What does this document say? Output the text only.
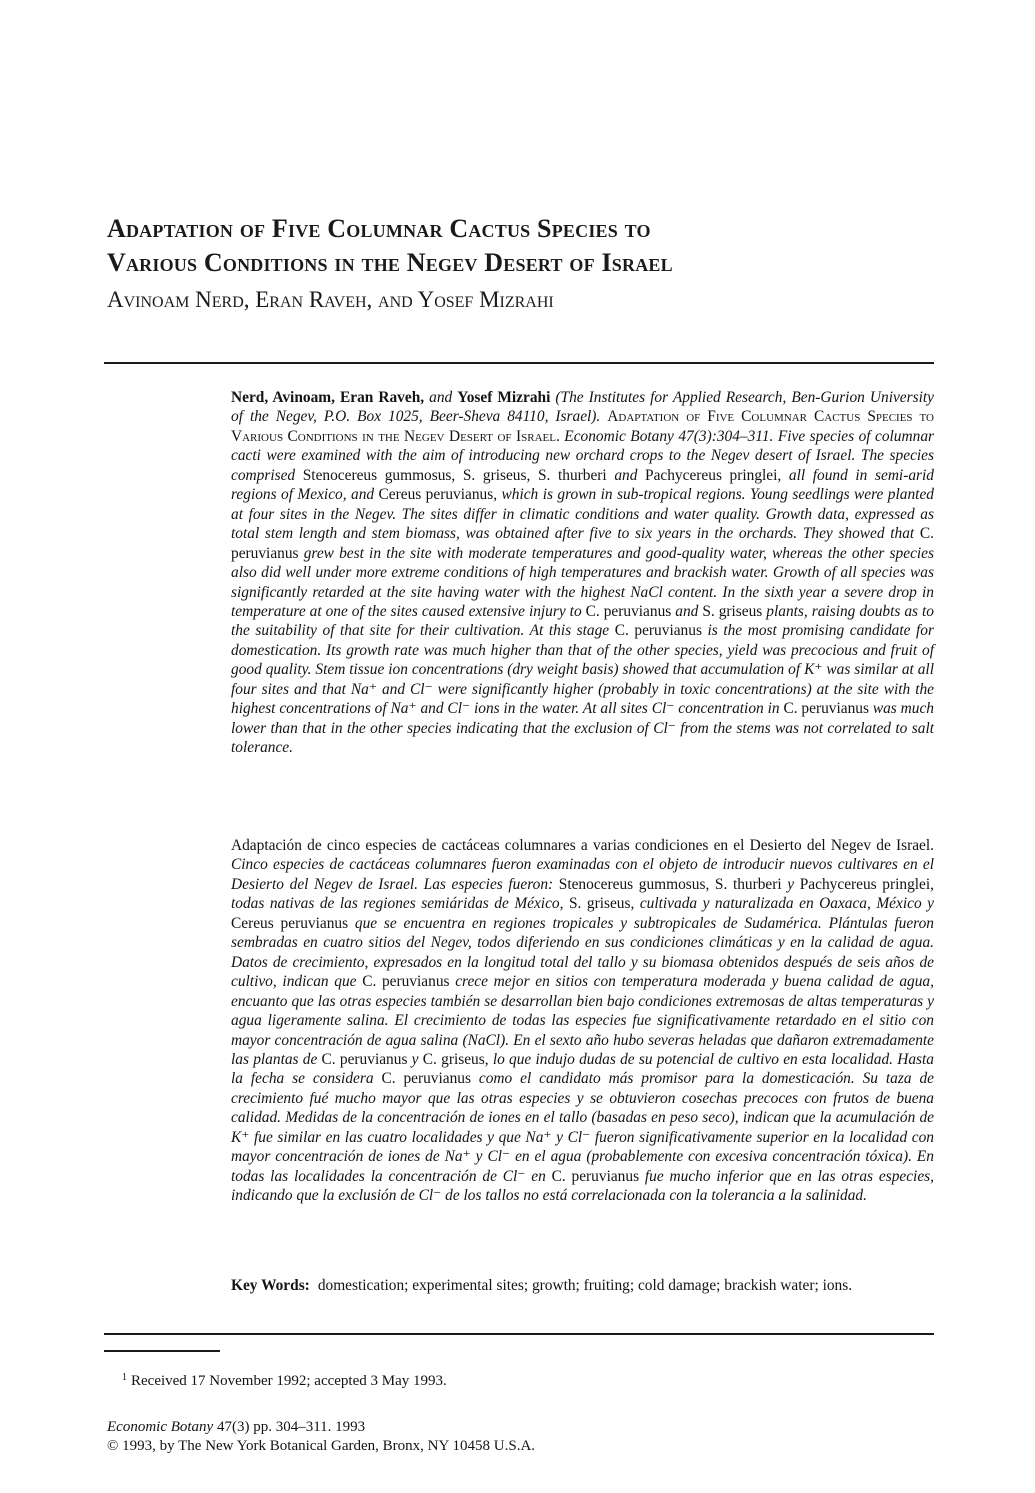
Adaptation of Five Columnar Cactus Species to
Various Conditions in the Negev Desert of Israel
Avinoam Nerd, Eran Raveh, and Yosef Mizrahi

Nerd, Avinoam, Eran Raveh, and Yosef Mizrahi (The Institutes for Applied Research, Ben-Gurion University of the Negev, P.O. Box 1025, Beer-Sheva 84110, Israel). Adaptation of Five Columnar Cactus Species to Various Conditions in the Negev Desert of Israel. Economic Botany 47(3):304–311. Five species of columnar cacti were examined with the aim of introducing new orchard crops to the Negev desert of Israel. The species comprised Stenocereus gummosus, S. griseus, S. thurberi and Pachycereus pringlei, all found in semi-arid regions of Mexico, and Cereus peruvianus, which is grown in sub-tropical regions. Young seedlings were planted at four sites in the Negev. The sites differ in climatic conditions and water quality. Growth data, expressed as total stem length and stem biomass, was obtained after five to six years in the orchards. They showed that C. peruvianus grew best in the site with moderate temperatures and good-quality water, whereas the other species also did well under more extreme conditions of high temperatures and brackish water. Growth of all species was significantly retarded at the site having water with the highest NaCl content. In the sixth year a severe drop in temperature at one of the sites caused extensive injury to C. peruvianus and S. griseus plants, raising doubts as to the suitability of that site for their cultivation. At this stage C. peruvianus is the most promising candidate for domestication. Its growth rate was much higher than that of the other species, yield was precocious and fruit of good quality. Stem tissue ion concentrations (dry weight basis) showed that accumulation of K⁺ was similar at all four sites and that Na⁺ and Cl⁻ were significantly higher (probably in toxic concentrations) at the site with the highest concentrations of Na⁺ and Cl⁻ ions in the water. At all sites Cl⁻ concentration in C. peruvianus was much lower than that in the other species indicating that the exclusion of Cl⁻ from the stems was not correlated to salt tolerance.

Adaptación de cinco especies de cactáceas columnares a varias condiciones en el Desierto del Negev de Israel. Cinco especies de cactáceas columnares fueron examinadas con el objeto de introducir nuevos cultivares en el Desierto del Negev de Israel. Las especies fueron: Stenocereus gummosus, S. thurberi y Pachycereus pringlei, todas nativas de las regiones semiáridas de México, S. griseus, cultivada y naturalizada en Oaxaca, México y Cereus peruvianus que se encuentra en regiones tropicales y subtropicales de Sudamérica. Plántulas fueron sembradas en cuatro sitios del Negev, todos diferiendo en sus condiciones climáticas y en la calidad de agua. Datos de crecimiento, expresados en la longitud total del tallo y su biomasa obtenidos después de seis años de cultivo, indican que C. peruvianus crece mejor en sitios con temperatura moderada y buena calidad de agua, encuanto que las otras especies también se desarrollan bien bajo condiciones extremosas de altas temperaturas y agua ligeramente salina. El crecimiento de todas las especies fue significativamente retardado en el sitio con mayor concentración de agua salina (NaCl). En el sexto año hubo severas heladas que dañaron extremadamente las plantas de C. peruvianus y C. griseus, lo que indujo dudas de su potencial de cultivo en esta localidad. Hasta la fecha se considera C. peruvianus como el candidato más promisor para la domesticación. Su taza de crecimiento fué mucho mayor que las otras especies y se obtuvieron cosechas precoces con frutos de buena calidad. Medidas de la concentración de iones en el tallo (basadas en peso seco), indican que la acumulación de K⁺ fue similar en las cuatro localidades y que Na⁺ y Cl⁻ fueron significativamente superior en la localidad con mayor concentración de iones de Na⁺ y Cl⁻ en el agua (probablemente con excesiva concentración tóxica). En todas las localidades la concentración de Cl⁻ en C. peruvianus fue mucho inferior que en las otras especies, indicando que la exclusión de Cl⁻ de los tallos no está correlacionada con la tolerancia a la salinidad.

Key Words: domestication; experimental sites; growth; fruiting; cold damage; brackish water; ions.

$^1$ Received 17 November 1992; accepted 3 May 1993.
Economic Botany 47(3) pp. 304–311. 1993
© 1993, by The New York Botanical Garden, Bronx, NY 10458 U.S.A.
